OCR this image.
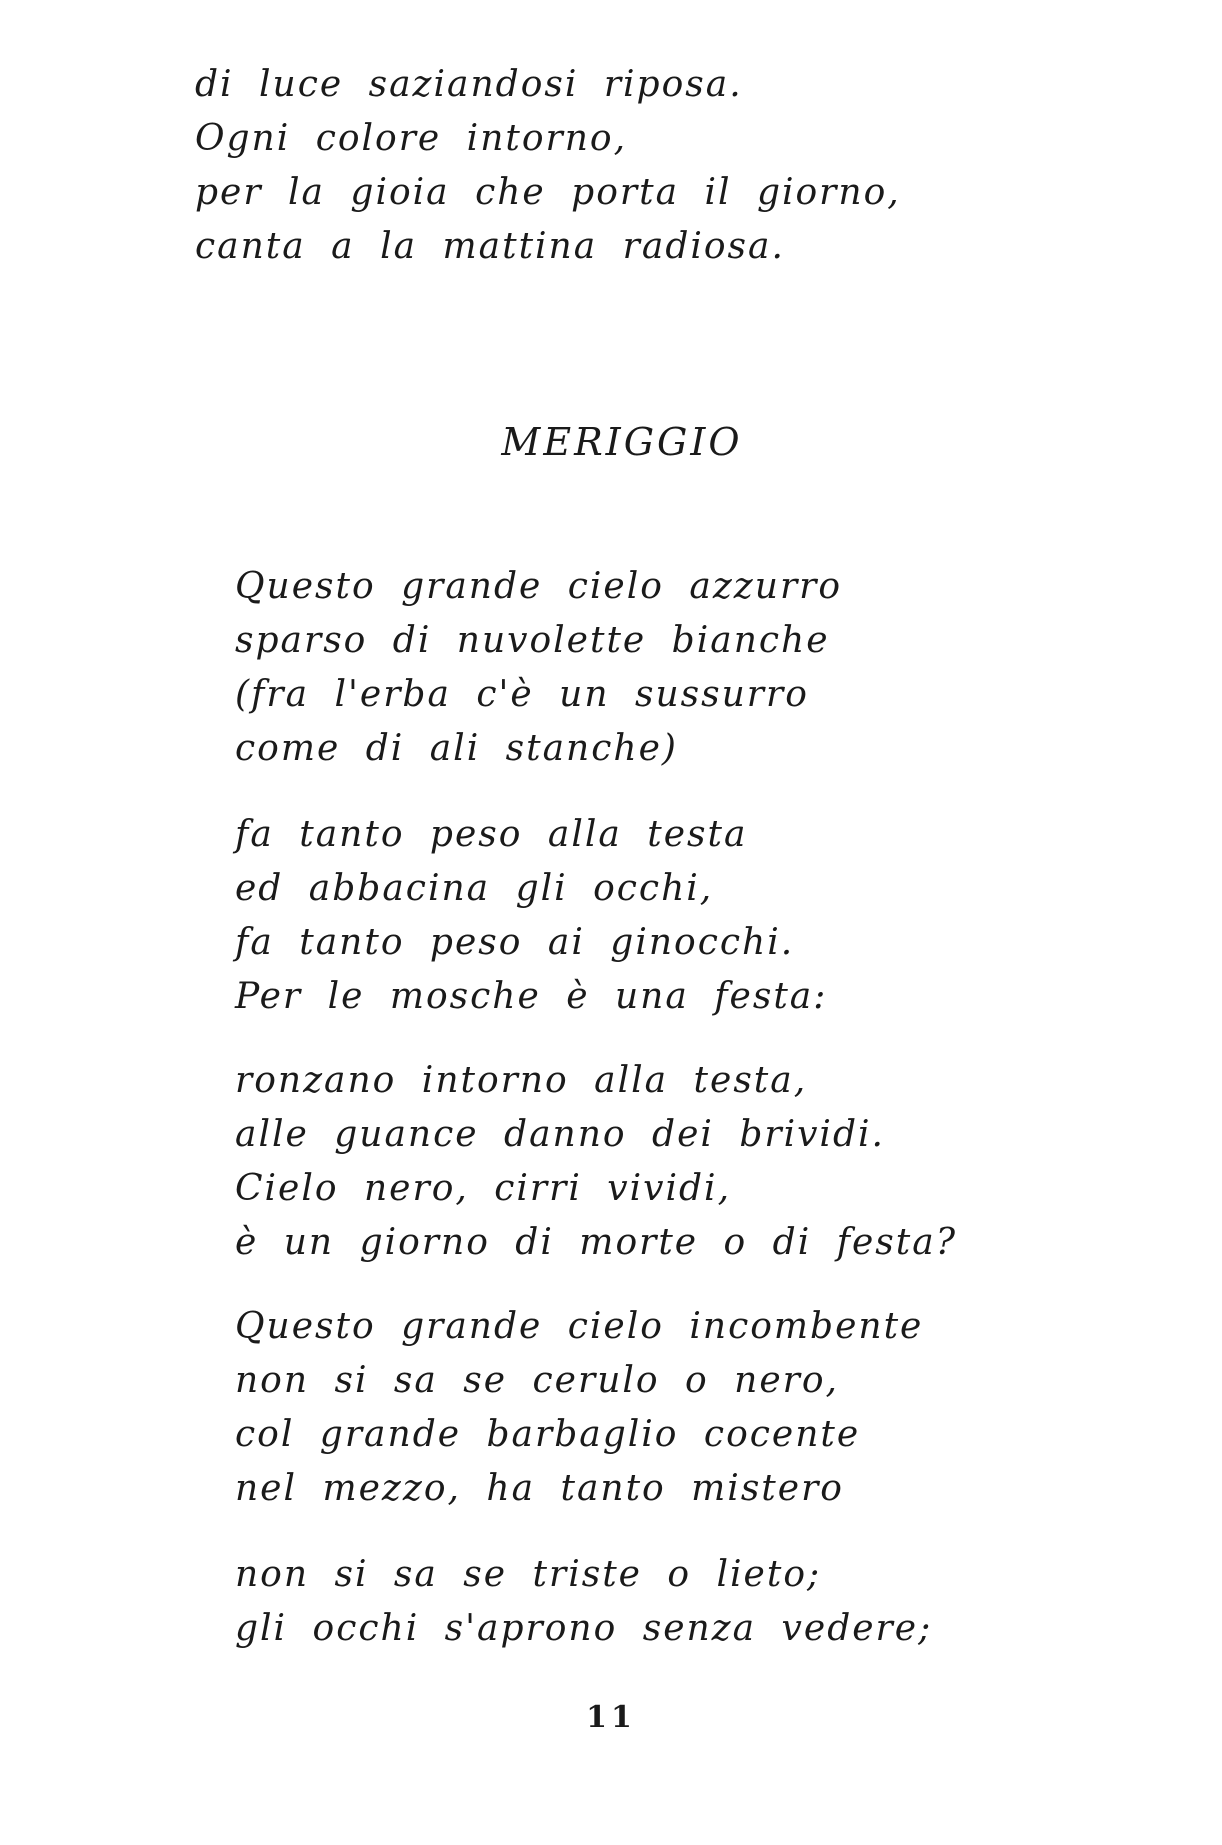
di luce saziandosi riposa.
Ogni colore intorno,
per la gioia che porta il giorno,
canta a la mattina radiosa.
MERIGGIO
Questo grande cielo azzurro
sparso di nuvolette bianche
(fra l'erba c'è un sussurro
come di ali stanche)
fa tanto peso alla testa
ed abbacina gli occhi,
fa tanto peso ai ginocchi.
Per le mosche è una festa:
ronzano intorno alla testa,
alle guance danno dei brividi.
Cielo nero, cirri vividi,
è un giorno di morte o di festa?
Questo grande cielo incombente
non si sa se cerulo o nero,
col grande barbaglio cocente
nel mezzo, ha tanto mistero
non si sa se triste o lieto;
gli occhi s'aprono senza vedere;
11
